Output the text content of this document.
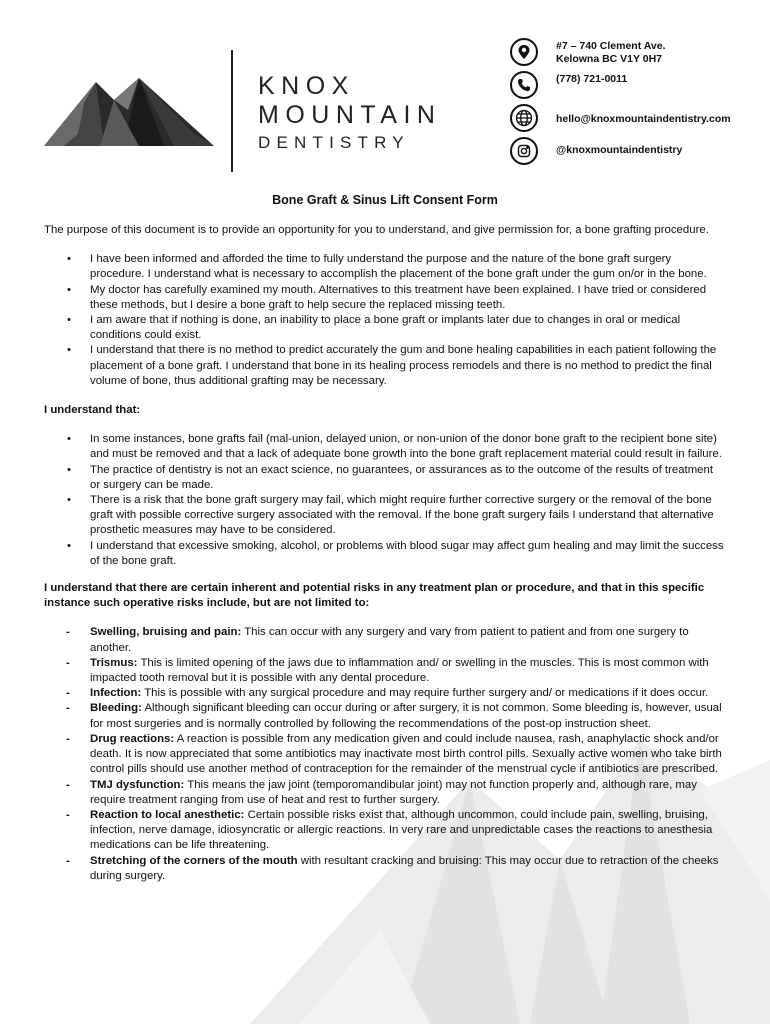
KNOX
MOUNTAIN
DENTISTRY
#7 – 740 Clement Ave.
Kelowna BC V1Y 0H7
(778) 721-0011
hello@knoxmountaindentistry.com
@knoxmountaindentistry
Bone Graft & Sinus Lift Consent Form

The purpose of this document is to provide an opportunity for you to understand, and give permission for, a bone grafting procedure.

• I have been informed and afforded the time to fully understand the purpose and the nature of the bone graft surgery procedure. I understand what is necessary to accomplish the placement of the bone graft under the gum on/or in the bone.
• My doctor has carefully examined my mouth. Alternatives to this treatment have been explained. I have tried or considered these methods, but I desire a bone graft to help secure the replaced missing teeth.
• I am aware that if nothing is done, an inability to place a bone graft or implants later due to changes in oral or medical conditions could exist.
• I understand that there is no method to predict accurately the gum and bone healing capabilities in each patient following the placement of a bone graft. I understand that bone in its healing process remodels and there is no method to predict the final volume of bone, thus additional grafting may be necessary.

I understand that:

• In some instances, bone grafts fail (mal-union, delayed union, or non-union of the donor bone graft to the recipient bone site) and must be removed and that a lack of adequate bone growth into the bone graft replacement material could result in failure.
• The practice of dentistry is not an exact science, no guarantees, or assurances as to the outcome of the results of treatment or surgery can be made.
• There is a risk that the bone graft surgery may fail, which might require further corrective surgery or the removal of the bone graft with possible corrective surgery associated with the removal. If the bone graft surgery fails I understand that alternative prosthetic measures may have to be considered.
• I understand that excessive smoking, alcohol, or problems with blood sugar may affect gum healing and may limit the success of the bone graft.

I understand that there are certain inherent and potential risks in any treatment plan or procedure, and that in this specific instance such operative risks include, but are not limited to:

- Swelling, bruising and pain: This can occur with any surgery and vary from patient to patient and from one surgery to another.
- Trismus: This is limited opening of the jaws due to inflammation and/ or swelling in the muscles. This is most common with impacted tooth removal but it is possible with any dental procedure.
- Infection: This is possible with any surgical procedure and may require further surgery and/ or medications if it does occur.
- Bleeding: Although significant bleeding can occur during or after surgery, it is not common. Some bleeding is, however, usual for most surgeries and is normally controlled by following the recommendations of the post-op instruction sheet.
- Drug reactions: A reaction is possible from any medication given and could include nausea, rash, anaphylactic shock and/or death. It is now appreciated that some antibiotics may inactivate most birth control pills. Sexually active women who take birth control pills should use another method of contraception for the remainder of the menstrual cycle if antibiotics are prescribed.
- TMJ dysfunction: This means the jaw joint (temporomandibular joint) may not function properly and, although rare, may require treatment ranging from use of heat and rest to further surgery.
- Reaction to local anesthetic: Certain possible risks exist that, although uncommon, could include pain, swelling, bruising, infection, nerve damage, idiosyncratic or allergic reactions. In very rare and unpredictable cases the reactions to anesthesia medications can be life threatening.
- Stretching of the corners of the mouth with resultant cracking and bruising: This may occur due to retraction of the cheeks during surgery.
